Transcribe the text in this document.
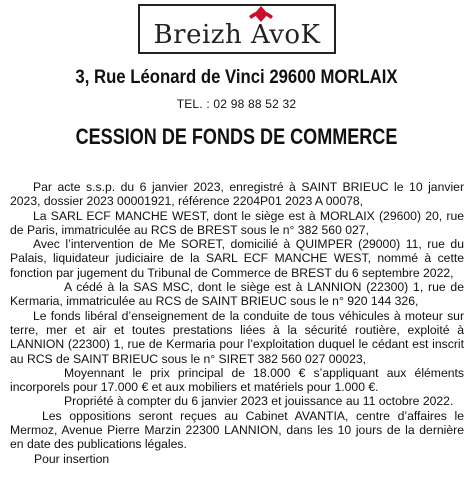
Breizh AvoK
3, Rue Léonard de Vinci 29600 MORLAIX
TEL. : 02 98 88 52 32
CESSION DE FONDS DE COMMERCE

Par acte s.s.p. du 6 janvier 2023, enregistré à SAINT BRIEUC le 10 janvier 2023, dossier 2023 00001921, référence 2204P01 2023 A 00078,

La SARL ECF MANCHE WEST, dont le siège est à MORLAIX (29600) 20, rue de Paris, immatriculée au RCS de BREST sous le n° 382 560 027,

Avec l’intervention de Me SORET, domicilié à QUIMPER (29000) 11, rue du Palais, liquidateur judiciaire de la SARL ECF MANCHE WEST, nommé à cette fonction par jugement du Tribunal de Commerce de BREST du 6 septembre 2022,

A cédé à la SAS MSC, dont le siège est à LANNION (22300) 1, rue de Kermaria, immatriculée au RCS de SAINT BRIEUC sous le n° 920 144 326,

Le fonds libéral d’enseignement de la conduite de tous véhicules à moteur sur terre, mer et air et toutes prestations liées à la sécurité routière, exploité à LANNION (22300) 1, rue de Kermaria pour l’exploitation duquel le cédant est inscrit au RCS de SAINT BRIEUC sous le n° SIRET 382 560 027 00023,

Moyennant le prix principal de 18.000 € s’appliquant aux éléments incorporels pour 17.000 € et aux mobiliers et matériels pour 1.000 €.

Propriété à compter du 6 janvier 2023 et jouissance au 11 octobre 2022.

Les oppositions seront reçues au Cabinet AVANTIA, centre d’affaires le Mermoz, Avenue Pierre Marzin 22300 LANNION, dans les 10 jours de la dernière en date des publications légales.

Pour insertion
